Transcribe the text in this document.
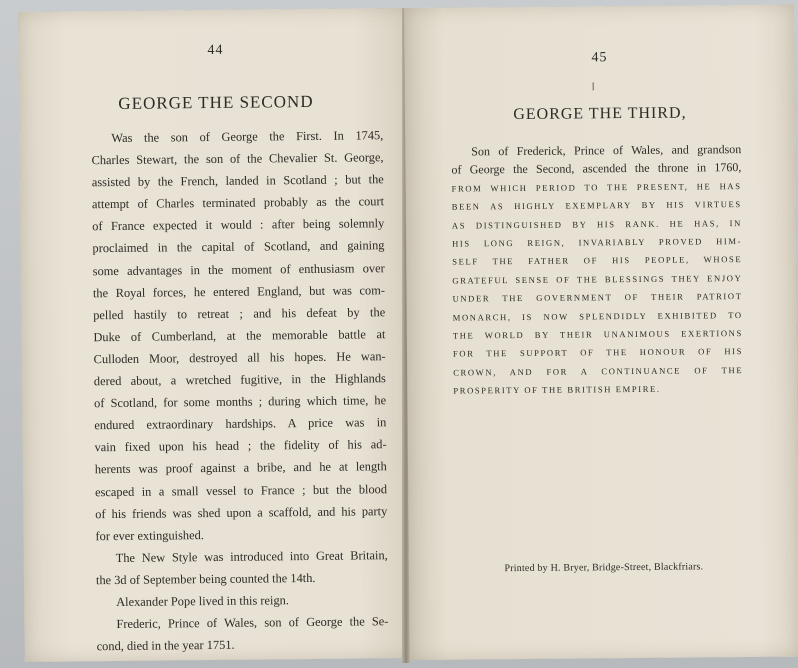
44
GEORGE THE SECOND
Was the son of George the First. In 1745,
Charles Stewart, the son of the Chevalier St. George,
assisted by the French, landed in Scotland ; but the
attempt of Charles terminated probably as the court
of France expected it would : after being solemnly
proclaimed in the capital of Scotland, and gaining
some advantages in the moment of enthusiasm over
the Royal forces, he entered England, but was com-
pelled hastily to retreat ; and his defeat by the
Duke of Cumberland, at the memorable battle at
Culloden Moor, destroyed all his hopes. He wan-
dered about, a wretched fugitive, in the Highlands
of Scotland, for some months ; during which time, he
endured extraordinary hardships. A price was in
vain fixed upon his head ; the fidelity of his ad-
herents was proof against a bribe, and he at length
escaped in a small vessel to France ; but the blood
of his friends was shed upon a scaffold, and his party
for ever extinguished.
The New Style was introduced into Great Britain,
the 3d of September being counted the 14th.
Alexander Pope lived in this reign.
Frederic, Prince of Wales, son of George the Se-
cond, died in the year 1751.
45
GEORGE THE THIRD,
Son of Frederick, Prince of Wales, and grandson
of George the Second, ascended the throne in 1760,
FROM WHICH PERIOD TO THE PRESENT, HE HAS
BEEN AS HIGHLY EXEMPLARY BY HIS VIRTUES
AS DISTINGUISHED BY HIS RANK. HE HAS, IN
HIS LONG REIGN, INVARIABLY PROVED HIM-
SELF THE FATHER OF HIS PEOPLE, WHOSE
GRATEFUL SENSE OF THE BLESSINGS THEY ENJOY
UNDER THE GOVERNMENT OF THEIR PATRIOT
MONARCH, IS NOW SPLENDIDLY EXHIBITED TO
THE WORLD BY THEIR UNANIMOUS EXERTIONS
FOR THE SUPPORT OF THE HONOUR OF HIS
CROWN, AND FOR A CONTINUANCE OF THE
PROSPERITY OF THE BRITISH EMPIRE.
Printed by H. Bryer, Bridge-Street, Blackfriars.
